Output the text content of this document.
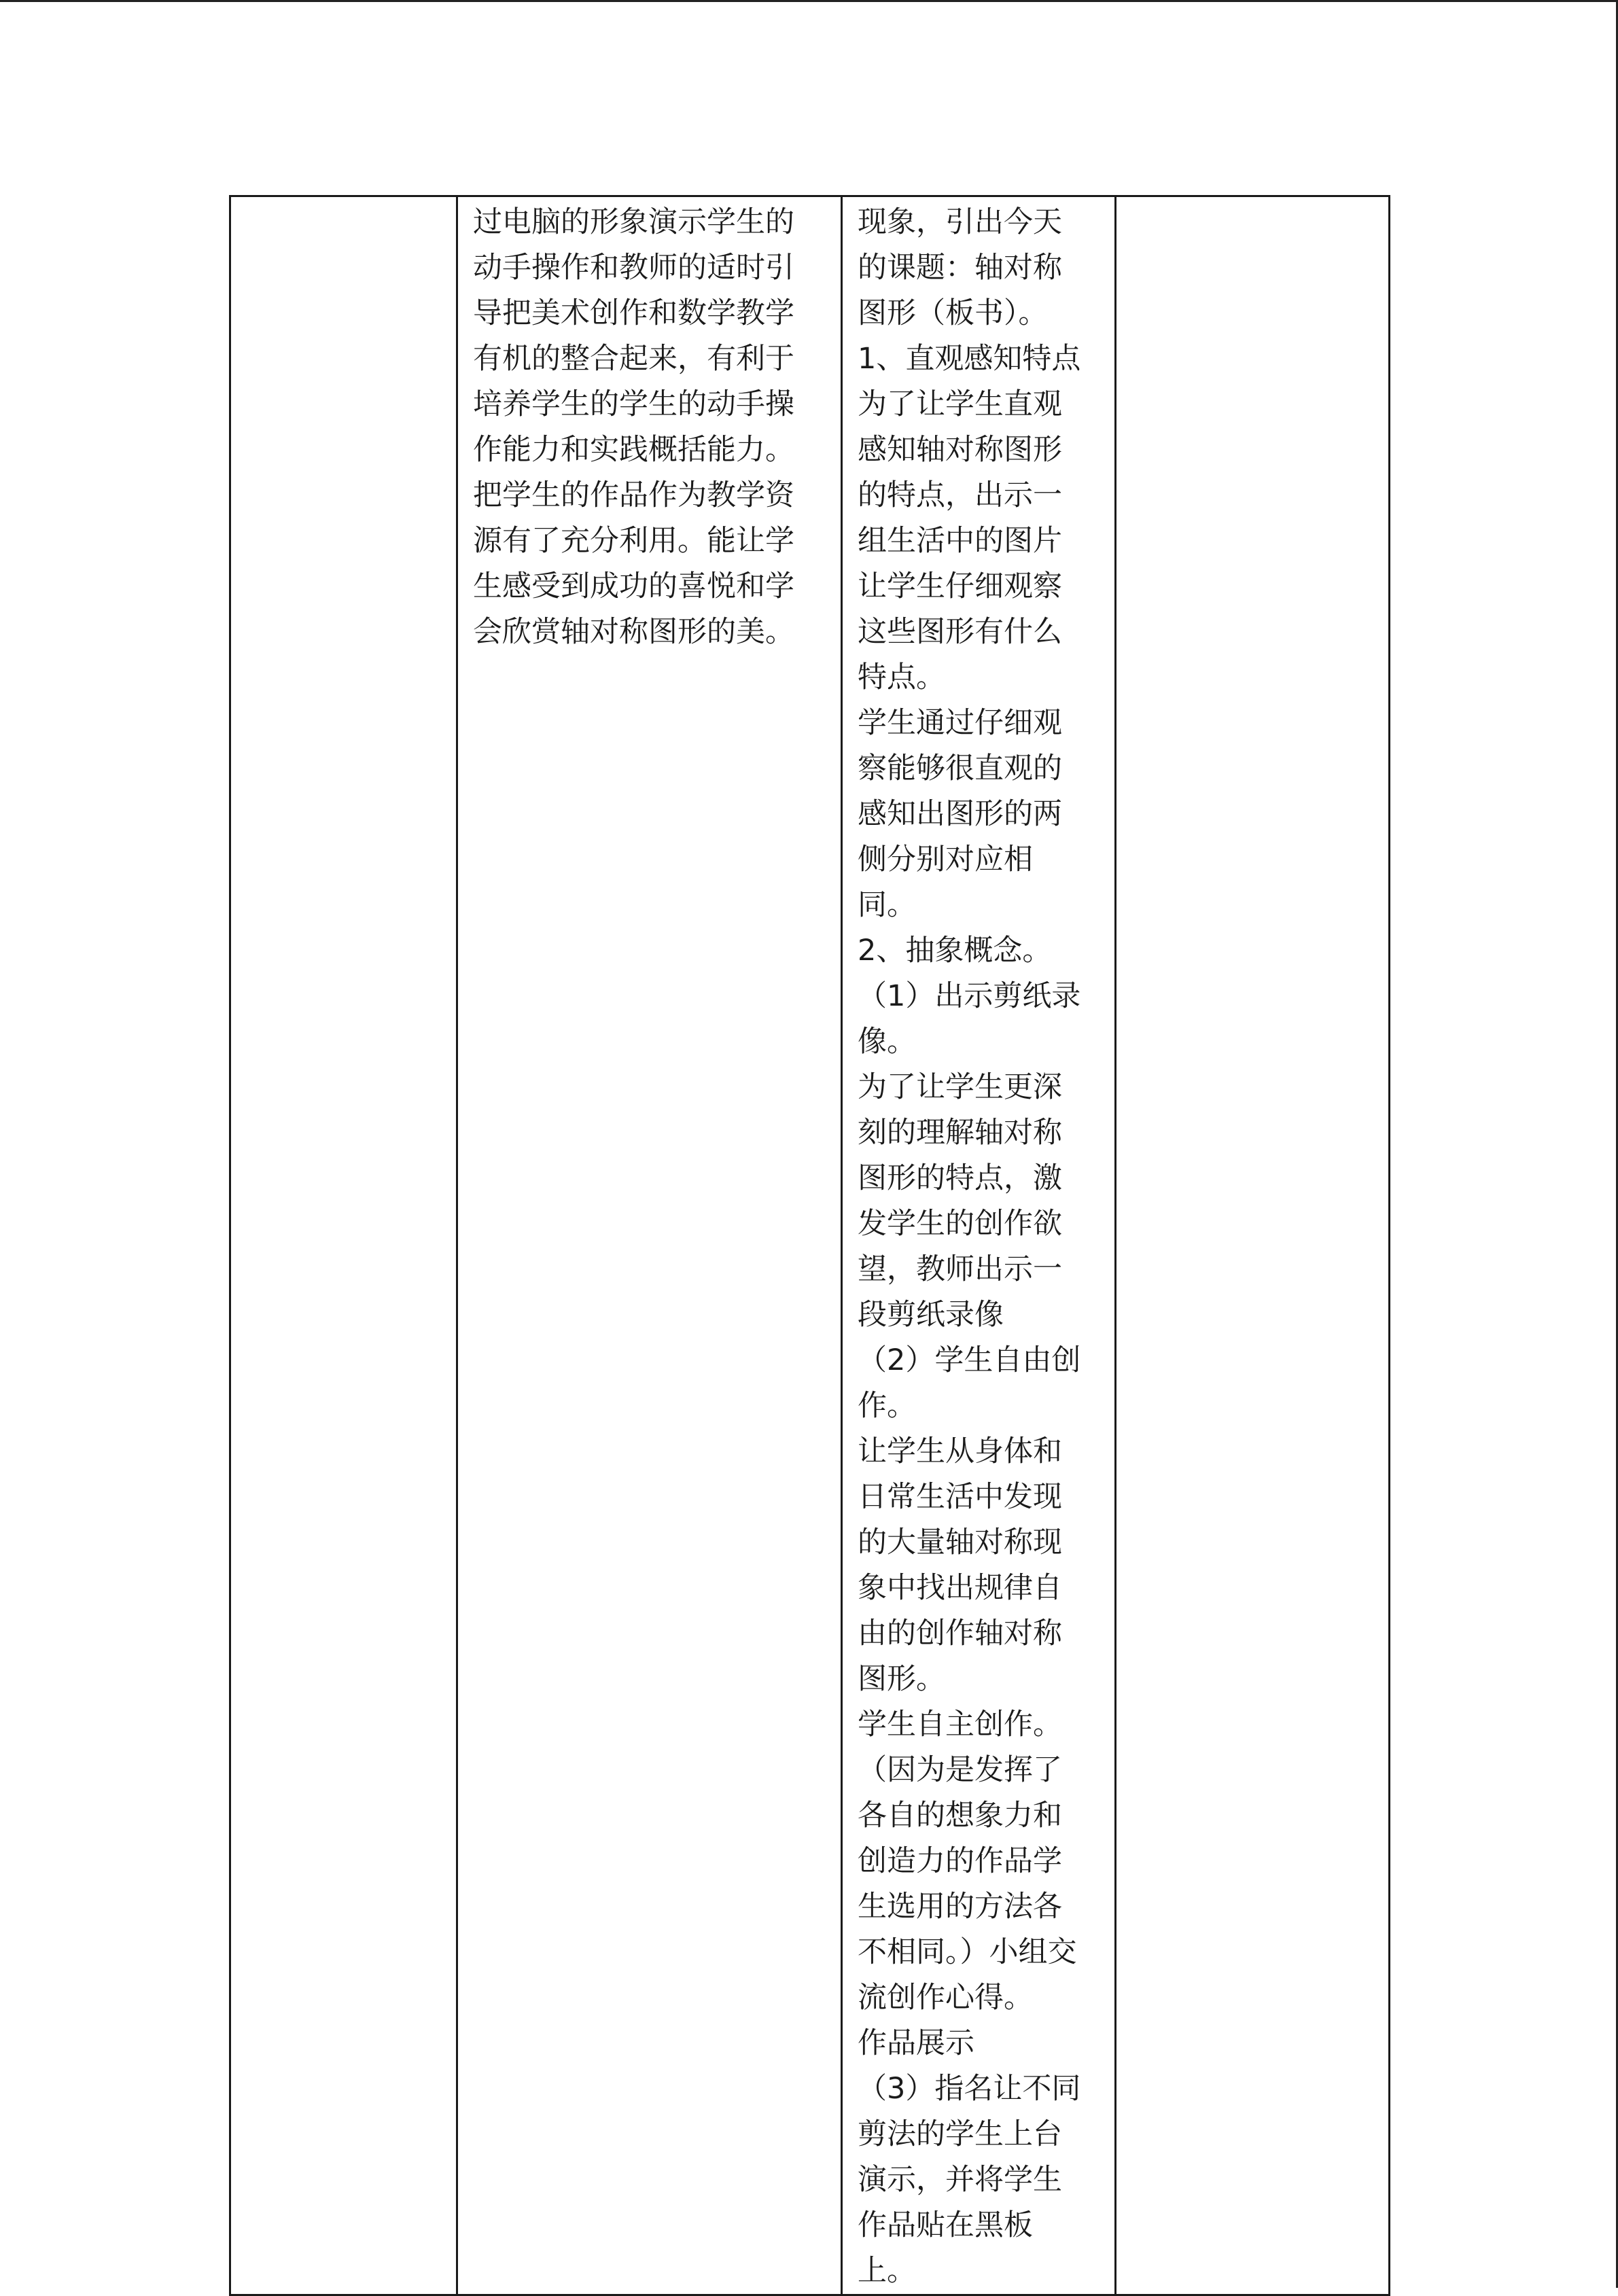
过电脑的形象演示学生的动手操作和教师的适时引导把美术创作和数学教学有机的整合起来，有利于培养学生的学生的动手操作能力和实践概括能力。把学生的作品作为教学资源有了充分利用。能让学生感受到成功的喜悦和学会欣赏轴对称图形的美。

现象，引出今天的课题：轴对称图形（板书）。

1、直观感知特点

为了让学生直观感知轴对称图形的特点，出示一组生活中的图片让学生仔细观察这些图形有什么特点。

学生通过仔细观察能够很直观的感知出图形的两侧分别对应相同。

2、抽象概念。

（1）出示剪纸录像。

为了让学生更深刻的理解轴对称图形的特点，激发学生的创作欲望，教师出示一段剪纸录像

（2）学生自由创作。

让学生从身体和日常生活中发现的大量轴对称现象中找出规律自由的创作轴对称图形。

学生自主创作。

（因为是发挥了各自的想象力和创造力的作品学生选用的方法各不相同。）小组交流创作心得。

作品展示

（3）指名让不同剪法的学生上台演示，并将学生作品贴在黑板上。
